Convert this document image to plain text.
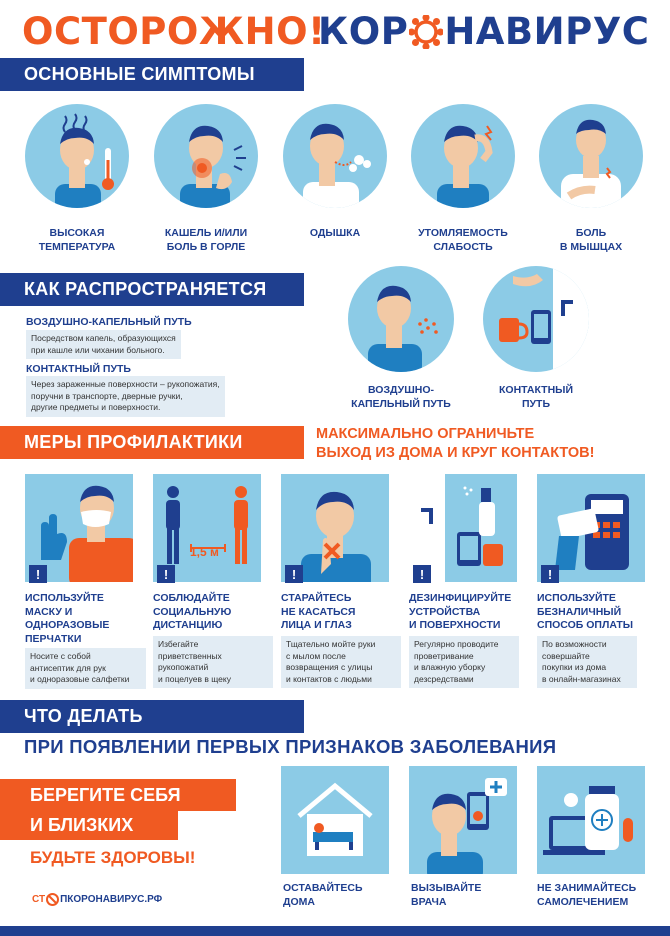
ОСТОРОЖНО!
КОР НАВИРУС
ОСНОВНЫЕ СИМПТОМЫ
ВЫСОКАЯ
ТЕМПЕРАТУРА
КАШЕЛЬ И/ИЛИ
БОЛЬ В ГОРЛЕ
ОДЫШКА	УТОМЛЯЕМОСТЬ
СЛАБОСТЬ
БОЛЬ
В МЫШЦАХ
КАК РАСПРОСТРАНЯЕТСЯ
ВОЗДУШНО-КАПЕЛЬНЫЙ ПУТЬ
Посредством капель, образующихся
при кашле или чихании больного.
КОНТАКТНЫЙ ПУТЬ
Через зараженные поверхности – рукопожатия,
поручни в транспорте, дверные ручки,
другие предметы и поверхности.
ВОЗДУШНО-
КАПЕЛЬНЫЙ ПУТЬ
КОНТАКТНЫЙ
ПУТЬ
МЕРЫ ПРОФИЛАКТИКИ	МАКСИМАЛЬНО ОГРАНИЧЬТЕ
ВЫХОД ИЗ ДОМА И КРУГ КОНТАКТОВ!
1,5 м
!	!	!	!	!
ИСПОЛЬЗУЙТЕ
МАСКУ И
ОДНОРАЗОВЫЕ
ПЕРЧАТКИ
Носите с собой
антисептик для рук
и одноразовые салфетки
СОБЛЮДАЙТЕ
СОЦИАЛЬНУЮ
ДИСТАНЦИЮ
Избегайте
приветственных
рукопожатий
и поцелуев в щеку
СТАРАЙТЕСЬ
НЕ КАСАТЬСЯ
ЛИЦА И ГЛАЗ
Тщательно мойте руки
с мылом после
возвращения с улицы
и контактов с людьми
ДЕЗИНФИЦИРУЙТЕ
УСТРОЙСТВА
И ПОВЕРХНОСТИ
Регулярно проводите
проветривание
и влажную уборку
дезсредствами
ИСПОЛЬЗУЙТЕ
БЕЗНАЛИЧНЫЙ
СПОСОБ ОПЛАТЫ
По возможности
совершайте
покупки из дома
в онлайн-магазинах
ЧТО ДЕЛАТЬ
ПРИ ПОЯВЛЕНИИ ПЕРВЫХ ПРИЗНАКОВ ЗАБОЛЕВАНИЯ
БЕРЕГИТЕ СЕБЯ
И БЛИЗКИХ
БУДЬТЕ ЗДОРОВЫ!
СТ ПКОРОНАВИРУС.РФ
ОСТАВАЙТЕСЬ
ДОМА
ВЫЗЫВАЙТЕ
ВРАЧА
НЕ ЗАНИМАЙТЕСЬ
САМОЛЕЧЕНИЕМ
